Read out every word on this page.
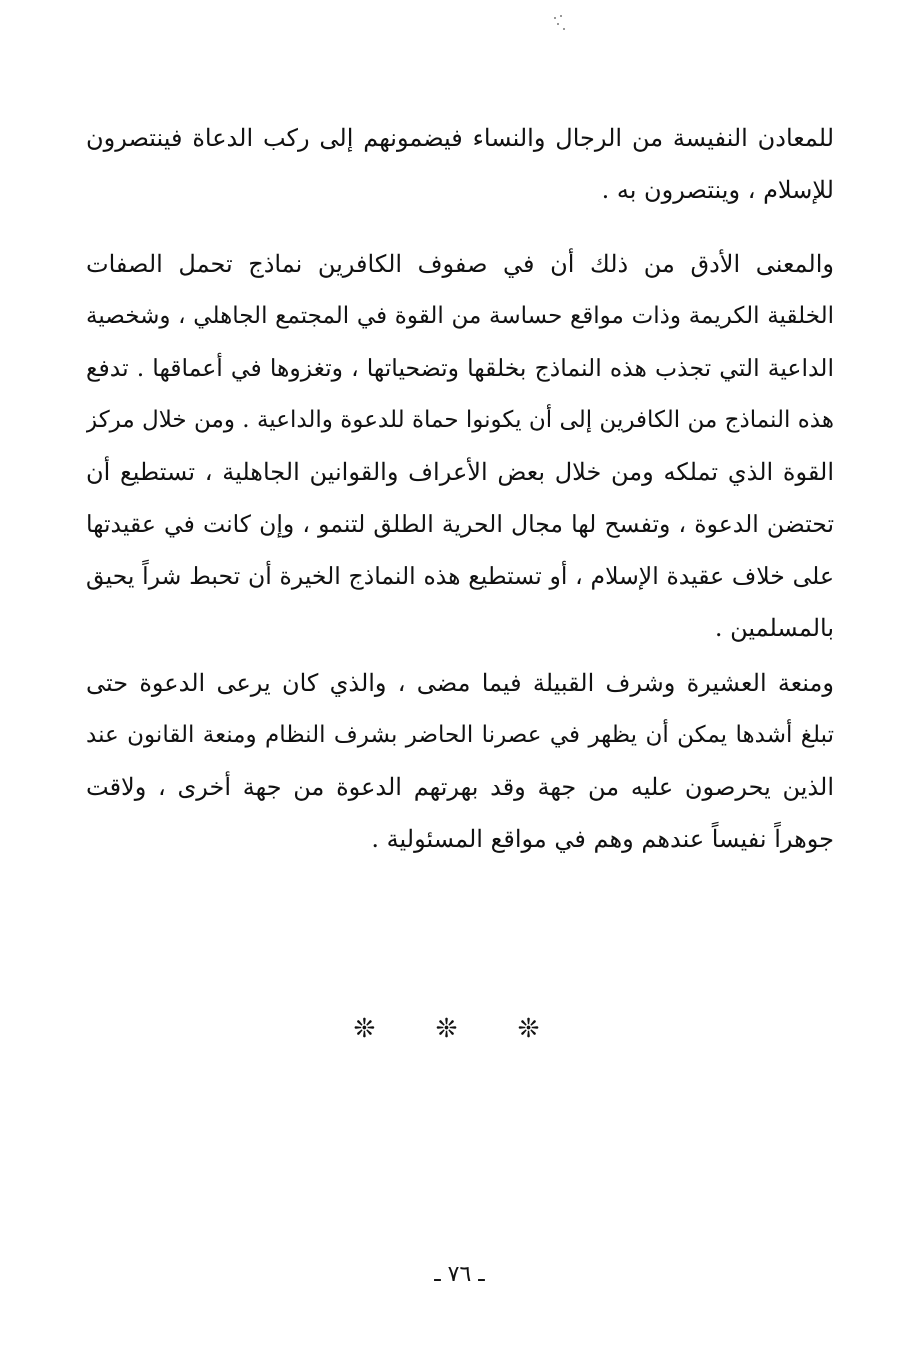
للمعادن النفيسة من الرجال والنساء فيضمونهم إلى ركب الدعاة فينتصرون
للإسلام ، وينتصرون به .
والمعنى الأدق من ذلك أن في صفوف الكافرين نماذج تحمل الصفات
الخلقية الكريمة وذات مواقع حساسة من القوة في المجتمع الجاهلي ، وشخصية
الداعية التي تجذب هذه النماذج بخلقها وتضحياتها ، وتغزوها في أعماقها . تدفع
هذه النماذج من الكافرين إلى أن يكونوا حماة للدعوة والداعية . ومن خلال مركز
القوة الذي تملكه ومن خلال بعض الأعراف والقوانين الجاهلية ، تستطيع أن
تحتضن الدعوة ، وتفسح لها مجال الحرية الطلق لتنمو ، وإن كانت في عقيدتها
على خلاف عقيدة الإسلام ، أو تستطيع هذه النماذج الخيرة أن تحبط شراً يحيق
بالمسلمين .
ومنعة العشيرة وشرف القبيلة فيما مضى ، والذي كان يرعى الدعوة حتى
تبلغ أشدها يمكن أن يظهر في عصرنا الحاضر بشرف النظام ومنعة القانون عند
الذين يحرصون عليه من جهة وقد بهرتهم الدعوة من جهة أخرى ، ولاقت
جوهراً نفيساً عندهم وهم في مواقع المسئولية .
❊ ❊ ❊
ـ ٧٦ ـ
